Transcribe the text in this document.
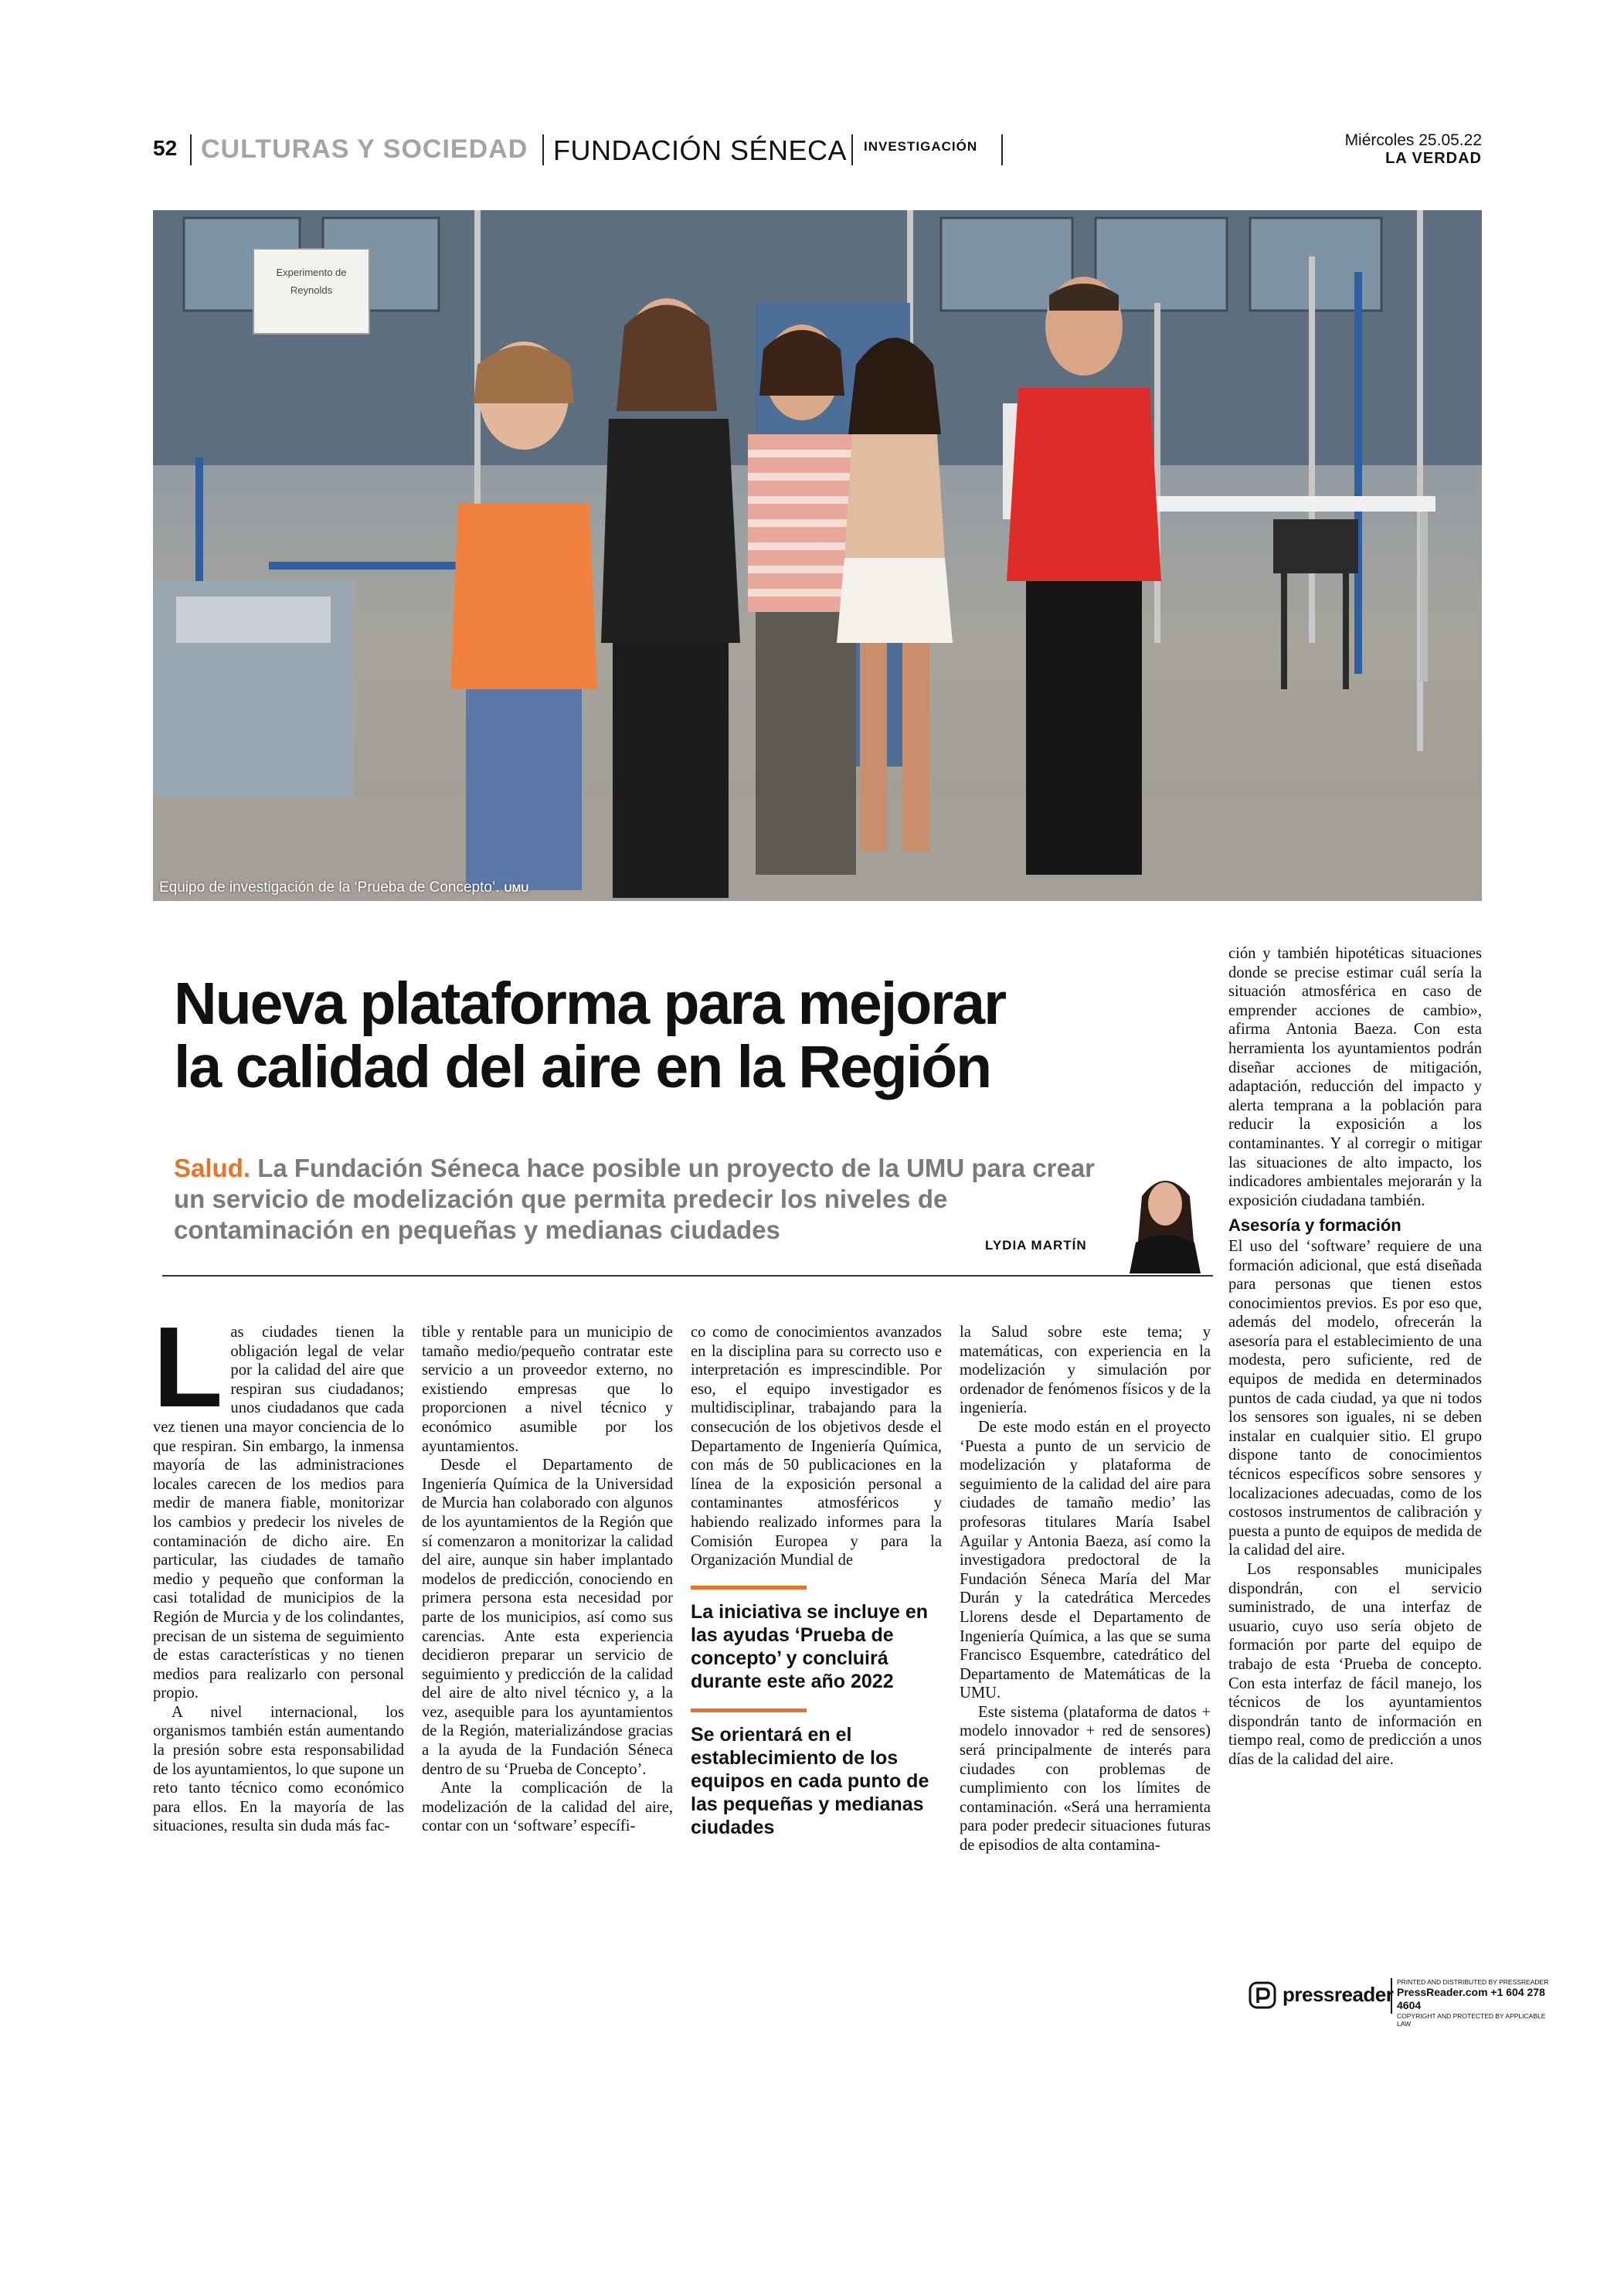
52 CULTURAS Y SOCIEDAD FUNDACIÓN SÉNECA INVESTIGACIÓN	Miércoles 25.05.22
LA VERDAD
Experimento de
Reynolds
Equipo de investigación de la ‘Prueba de Concepto’. UMU
Nueva plataforma para mejorar
la calidad del aire en la Región
Salud. La Fundación Séneca hace posible un proyecto de la UMU para crear un servicio de modelización que permita predecir los niveles de contaminación en pequeñas y medianas ciudades
LYDIA MARTÍN
L as ciudades tienen la obligación legal de velar por la calidad del aire que respiran sus ciudadanos; unos ciudadanos que cada vez tienen una mayor conciencia de lo que respiran. Sin embargo, la inmensa mayoría de las administraciones locales carecen de los medios para medir de manera fiable, monitorizar los cambios y predecir los niveles de contaminación de dicho aire. En particular, las ciudades de tamaño medio y pequeño que conforman la casi totalidad de municipios de la Región de Murcia y de los colindantes, precisan de un sistema de seguimiento de estas características y no tienen medios para realizarlo con personal propio.

A nivel internacional, los organismos también están aumentando la presión sobre esta responsabilidad de los ayuntamientos, lo que supone un reto tanto técnico como económico para ellos. En la mayoría de las situaciones, resulta sin duda más fac-

tible y rentable para un municipio de tamaño medio/pequeño contratar este servicio a un proveedor externo, no existiendo empresas que lo proporcionen a nivel técnico y económico asumible por los ayuntamientos.

Desde el Departamento de Ingeniería Química de la Universidad de Murcia han colaborado con algunos de los ayuntamientos de la Región que sí comenzaron a monitorizar la calidad del aire, aunque sin haber implantado modelos de predicción, conociendo en primera persona esta necesidad por parte de los municipios, así como sus carencias. Ante esta experiencia decidieron preparar un servicio de seguimiento y predicción de la calidad del aire de alto nivel técnico y, a la vez, asequible para los ayuntamientos de la Región, materializándose gracias a la ayuda de la Fundación Séneca dentro de su ‘Prueba de Concepto’.

Ante la complicación de la modelización de la calidad del aire, contar con un ‘software’ específi-

co como de conocimientos avanzados en la disciplina para su correcto uso e interpretación es imprescindible. Por eso, el equipo investigador es multidisciplinar, trabajando para la consecución de los objetivos desde el Departamento de Ingeniería Química, con más de 50 publicaciones en la línea de la exposición personal a contaminantes atmosféricos y habiendo realizado informes para la Comisión Europea y para la Organización Mundial de

La iniciativa se incluye en las ayudas ‘Prueba de concepto’ y concluirá durante este año 2022

Se orientará en el establecimiento de los equipos en cada punto de las pequeñas y medianas ciudades

la Salud sobre este tema; y matemáticas, con experiencia en la modelización y simulación por ordenador de fenómenos físicos y de la ingeniería.

De este modo están en el proyecto ‘Puesta a punto de un servicio de modelización y plataforma de seguimiento de la calidad del aire para ciudades de tamaño medio’ las profesoras titulares María Isabel Aguilar y Antonia Baeza, así como la investigadora predoctoral de la Fundación Séneca María del Mar Durán y la catedrática Mercedes Llorens desde el Departamento de Ingeniería Química, a las que se suma Francisco Esquembre, catedrático del Departamento de Matemáticas de la UMU.

Este sistema (plataforma de datos + modelo innovador + red de sensores) será principalmente de interés para ciudades con problemas de cumplimiento con los límites de contaminación. «Será una herramienta para poder predecir situaciones futuras de episodios de alta contamina-

ción y también hipotéticas situaciones donde se precise estimar cuál sería la situación atmosférica en caso de emprender acciones de cambio», afirma Antonia Baeza. Con esta herramienta los ayuntamientos podrán diseñar acciones de mitigación, adaptación, reducción del impacto y alerta temprana a la población para reducir la exposición a los contaminantes. Y al corregir o mitigar las situaciones de alto impacto, los indicadores ambientales mejorarán y la exposición ciudadana también.

Asesoría y formación

El uso del ‘software’ requiere de una formación adicional, que está diseñada para personas que tienen estos conocimientos previos. Es por eso que, además del modelo, ofrecerán la asesoría para el establecimiento de una modesta, pero suficiente, red de equipos de medida en determinados puntos de cada ciudad, ya que ni todos los sensores son iguales, ni se deben instalar en cualquier sitio. El grupo dispone tanto de conocimientos técnicos específicos sobre sensores y localizaciones adecuadas, como de los costosos instrumentos de calibración y puesta a punto de equipos de medida de la calidad del aire.

Los responsables municipales dispondrán, con el servicio suministrado, de una interfaz de usuario, cuyo uso sería objeto de formación por parte del equipo de trabajo de esta ‘Prueba de concepto. Con esta interfaz de fácil manejo, los técnicos de los ayuntamientos dispondrán tanto de información en tiempo real, como de predicción a unos días de la calidad del aire.

pressreader
PRINTED AND DISTRIBUTED BY PRESSREADER
PressReader.com +1 604 278 4604
COPYRIGHT AND PROTECTED BY APPLICABLE LAW
